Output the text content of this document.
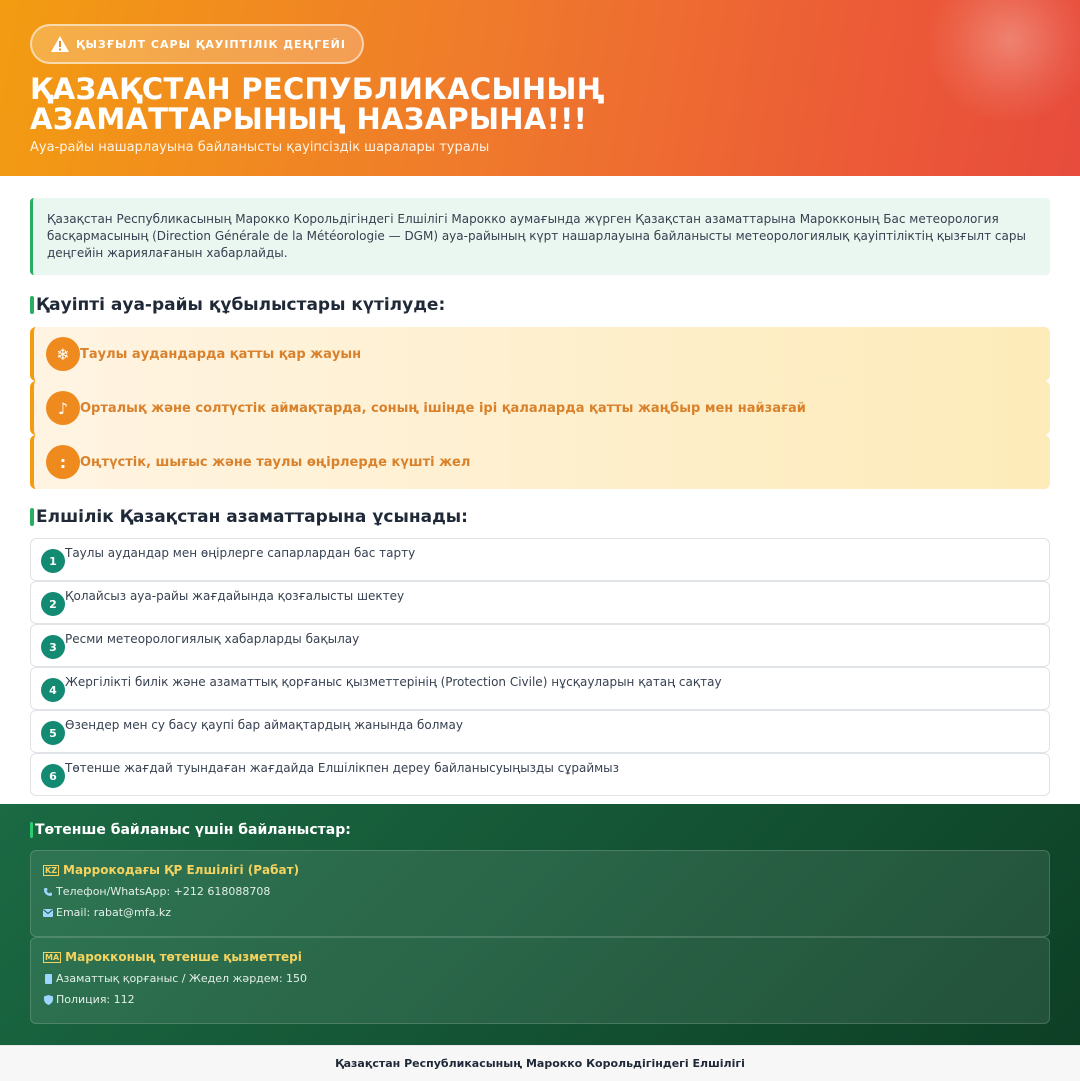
ҚЫЗҒЫЛТ САРЫ ҚАУІПТІЛІК ДЕҢГЕЙІ
ҚАЗАҚСТАН РЕСПУБЛИКАСЫНЫҢ
АЗАМАТТАРЫНЫҢ НАЗАРЫНА!!!
Ауа-райы нашарлауына байланысты қауіпсіздік шаралары туралы
Қазақстан Республикасының Марокко Корольдігіндегі Елшілігі Марокко аумағында жүрген Қазақстан азаматтарына Марокконың Бас метеорология басқармасының (Direction Générale de la Météorologie — DGM) ауа-райының күрт нашарлауына байланысты метеорологиялық қауіптіліктің қызғылт сары деңгейін жариялағанын хабарлайды.
Қауіпті ауа-райы құбылыстары күтілуде:
❄ Таулы аудандарда қатты қар жауын
♪ Орталық және солтүстік аймақтарда, соның ішінде ірі қалаларда қатты жаңбыр мен найзағай
:	Оңтүстік, шығыс және таулы өңірлерде күшті жел
Елшілік Қазақстан азаматтарына ұсынады:
1
Таулы аудандар мен өңірлерге сапарлардан бас тарту
2
Қолайсыз ауа-райы жағдайында қозғалысты шектеу
3
Ресми метеорологиялық хабарларды бақылау
4
Жергілікті билік және азаматтық қорғаныс қызметтерінің (Protection Civile) нұсқауларын қатаң сақтау
5
Өзендер мен су басу қаупі бар аймақтардың жанында болмау
6
Төтенше жағдай туындаған жағдайда Елшілікпен дереу байланысуыңызды сұраймыз
Төтенше байланыс үшін байланыстар:
KZ Маррокодағы ҚР Елшілігі (Рабат)
Телефон/WhatsApp: +212 618088708
Email: rabat@mfa.kz
MA Марокконың төтенше қызметтері
Азаматтық қорғаныс / Жедел жәрдем: 150
Полиция: 112
Қазақстан Республикасының Марокко Корольдігіндегі Елшілігі
